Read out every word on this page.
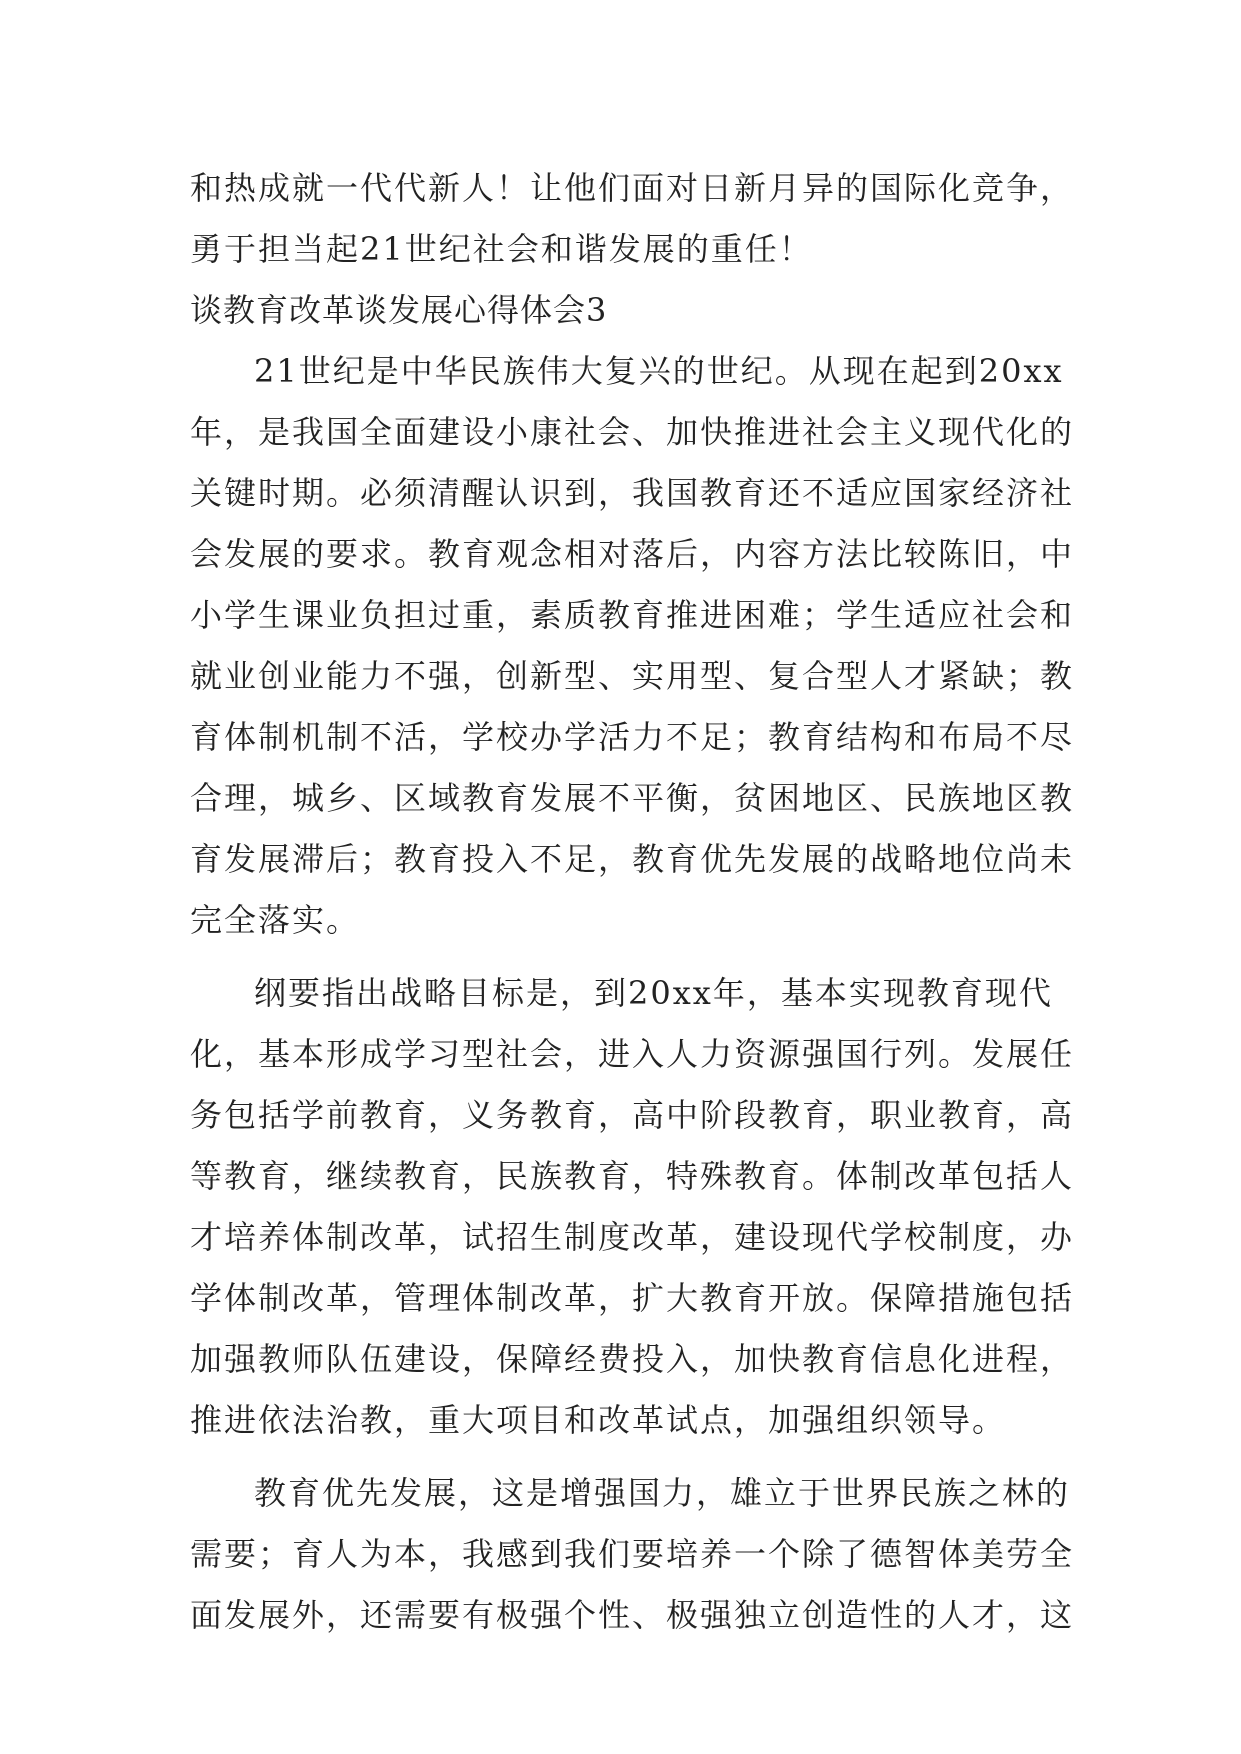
和热成就一代代新人！让他们面对日新月异的国际化竞争，
勇于担当起21世纪社会和谐发展的重任！
谈教育改革谈发展心得体会3
21世纪是中华民族伟大复兴的世纪。从现在起到20xx
年，是我国全面建设小康社会、加快推进社会主义现代化的
关键时期。必须清醒认识到，我国教育还不适应国家经济社
会发展的要求。教育观念相对落后，内容方法比较陈旧，中
小学生课业负担过重，素质教育推进困难；学生适应社会和
就业创业能力不强，创新型、实用型、复合型人才紧缺；教
育体制机制不活，学校办学活力不足；教育结构和布局不尽
合理，城乡、区域教育发展不平衡，贫困地区、民族地区教
育发展滞后；教育投入不足，教育优先发展的战略地位尚未
完全落实。
纲要指出战略目标是，到20xx年，基本实现教育现代
化，基本形成学习型社会，进入人力资源强国行列。发展任
务包括学前教育，义务教育，高中阶段教育，职业教育，高
等教育，继续教育，民族教育，特殊教育。体制改革包括人
才培养体制改革，试招生制度改革，建设现代学校制度，办
学体制改革，管理体制改革，扩大教育开放。保障措施包括
加强教师队伍建设，保障经费投入，加快教育信息化进程，
推进依法治教，重大项目和改革试点，加强组织领导。
教育优先发展，这是增强国力，雄立于世界民族之林的
需要；育人为本，我感到我们要培养一个除了德智体美劳全
面发展外，还需要有极强个性、极强独立创造性的人才，这
